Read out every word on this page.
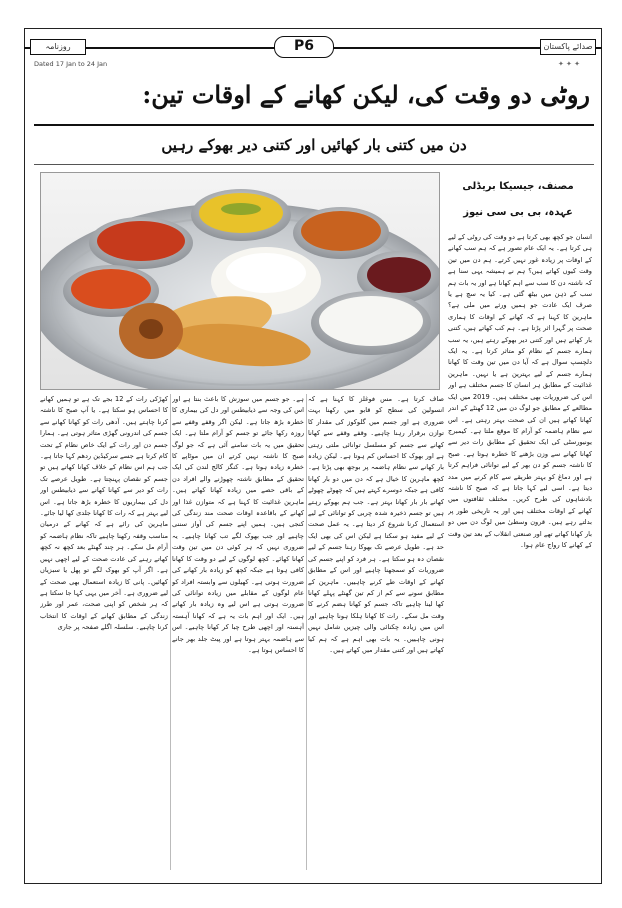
روزنامہ	P6	صدائے پاکستان
Dated 17 Jan to 24 Jan	✦ ✦ ✦
روٹی دو وقت کی، لیکن کھانے کے اوقات تین:
دن میں کتنی بار کھائیں اور کتنی دیر بھوکے رہیں
مصنف، جیسیکا بریڈلی
عہدہ، بی بی سی نیوز
انسان جو کچھ بھی کرتا ہے دو وقت کی روٹی کے لیے ہی کرتا ہے۔ یہ ایک عام تصور ہے کہ ہم سب کھانے کے اوقات پر زیادہ غور نہیں کرتے۔ ہم دن میں تین وقت کیوں کھاتے ہیں؟ ہم نے ہمیشہ یہی سنا ہے کہ ناشتہ دن کا سب سے اہم کھانا ہے اور یہ بات ہم سب کے ذہن میں بیٹھ گئی ہے۔ کیا یہ سچ ہے یا صرف ایک عادت جو ہمیں ورثے میں ملی ہے؟ ماہرین کا کہنا ہے کہ کھانے کے اوقات کا ہماری صحت پر گہرا اثر پڑتا ہے۔ ہم کب کھاتے ہیں، کتنی بار کھاتے ہیں اور کتنی دیر بھوکے رہتے ہیں، یہ سب ہمارے جسم کے نظام کو متاثر کرتا ہے۔ یہ ایک دلچسپ سوال ہے کہ آیا دن میں تین وقت کا کھانا ہمارے جسم کے لیے بہترین ہے یا نہیں۔ ماہرین غذائیت کے مطابق ہر انسان کا جسم مختلف ہے اور اس کی ضروریات بھی مختلف ہیں۔ 2019 میں ایک مطالعے کے مطابق جو لوگ دن میں 12 گھنٹے کے اندر کھانا کھاتے ہیں ان کی صحت بہتر رہتی ہے۔ اس سے نظام ہاضمہ کو آرام کا موقع ملتا ہے۔ کیمبرج یونیورسٹی کی ایک تحقیق کے مطابق رات دیر سے کھانا کھانے سے وزن بڑھنے کا خطرہ ہوتا ہے۔ صبح کا ناشتہ جسم کو دن بھر کے لیے توانائی فراہم کرتا ہے اور دماغ کو بہتر طریقے سے کام کرنے میں مدد دیتا ہے۔ اسی لیے کہا جاتا ہے کہ صبح کا ناشتہ بادشاہوں کی طرح کریں۔ مختلف ثقافتوں میں کھانے کے اوقات مختلف ہیں اور یہ تاریخی طور پر بدلتے رہے ہیں۔ قرون وسطیٰ میں لوگ دن میں دو بار کھانا کھاتے تھے اور صنعتی انقلاب کے بعد تین وقت کے کھانے کا رواج عام ہوا۔
صاف کرتا ہے۔ مس فوغلز کا کہنا ہے کہ انسولین کی سطح کو قابو میں رکھنا بہت ضروری ہے اور جسم میں گلوکوز کی مقدار کا توازن برقرار رہنا چاہیے۔ وقفے وقفے سے کھانا کھانے سے جسم کو مسلسل توانائی ملتی رہتی ہے اور بھوک کا احساس کم ہوتا ہے۔ لیکن زیادہ بار کھانے سے نظام ہاضمہ پر بوجھ بھی پڑتا ہے۔ کچھ ماہرین کا خیال ہے کہ دن میں دو بار کھانا کافی ہے جبکہ دوسرے کہتے ہیں کہ چھوٹے چھوٹے کھانے بار بار کھانا بہتر ہے۔ جب ہم بھوکے رہتے ہیں تو جسم ذخیرہ شدہ چربی کو توانائی کے لیے استعمال کرنا شروع کر دیتا ہے۔ یہ عمل صحت کے لیے مفید ہو سکتا ہے لیکن اس کی بھی ایک حد ہے۔ طویل عرصے تک بھوکا رہنا جسم کے لیے نقصان دہ ہو سکتا ہے۔ ہر فرد کو اپنے جسم کی ضروریات کو سمجھنا چاہیے اور اس کے مطابق کھانے کے اوقات طے کرنے چاہییں۔ ماہرین کے مطابق سونے سے کم از کم تین گھنٹے پہلے کھانا کھا لینا چاہیے تاکہ جسم کو کھانا ہضم کرنے کا وقت مل سکے۔ رات کا کھانا ہلکا ہونا چاہیے اور اس میں زیادہ چکنائی والی چیزیں شامل نہیں ہونی چاہییں۔ یہ بات بھی اہم ہے کہ ہم کیا کھاتے ہیں اور کتنی مقدار میں کھاتے ہیں۔
ہے۔ جو جسم میں سوزش کا باعث بنتا ہے اور اس کی وجہ سے ذیابیطس اور دل کی بیماری کا خطرہ بڑھ جاتا ہے۔ لیکن اگر وقفے وقفے سے روزہ رکھا جائے تو جسم کو آرام ملتا ہے۔ ایک تحقیق میں یہ بات سامنے آئی ہے کہ جو لوگ صبح کا ناشتہ نہیں کرتے ان میں موٹاپے کا خطرہ زیادہ ہوتا ہے۔ کنگز کالج لندن کی ایک تحقیق کے مطابق ناشتہ چھوڑنے والے افراد دن کے باقی حصے میں زیادہ کھانا کھاتے ہیں۔ ماہرین غذائیت کا کہنا ہے کہ متوازن غذا اور کھانے کے باقاعدہ اوقات صحت مند زندگی کی کنجی ہیں۔ ہمیں اپنے جسم کی آواز سننی چاہیے اور جب بھوک لگے تب کھانا چاہیے۔ یہ ضروری نہیں کہ ہر کوئی دن میں تین وقت کھانا کھائے۔ کچھ لوگوں کے لیے دو وقت کا کھانا کافی ہوتا ہے جبکہ کچھ کو زیادہ بار کھانے کی ضرورت ہوتی ہے۔ کھیلوں سے وابستہ افراد کو عام لوگوں کے مقابلے میں زیادہ توانائی کی ضرورت ہوتی ہے اس لیے وہ زیادہ بار کھاتے ہیں۔ ایک اور اہم بات یہ ہے کہ کھانا آہستہ آہستہ اور اچھی طرح چبا کر کھانا چاہیے۔ اس سے ہاضمہ بہتر ہوتا ہے اور پیٹ جلد بھر جانے کا احساس ہوتا ہے۔
کھڑکی رات کے 12 بجے تک ہے تو ہمیں کھانے کا احساس ہو سکتا ہے۔ یا آپ صبح کا ناشتہ کرنا چاہتے ہیں۔ آدھی رات کو کھانا کھانے سے جسم کی اندرونی گھڑی متاثر ہوتی ہے۔ ہمارا جسم دن اور رات کے ایک خاص نظام کے تحت کام کرتا ہے جسے سرکیڈین ردھم کہا جاتا ہے۔ جب ہم اس نظام کے خلاف کھانا کھاتے ہیں تو جسم کو نقصان پہنچتا ہے۔ طویل عرصے تک رات کو دیر سے کھانا کھانے سے ذیابیطس اور دل کی بیماریوں کا خطرہ بڑھ جاتا ہے۔ اس لیے بہتر ہے کہ رات کا کھانا جلدی کھا لیا جائے۔ ماہرین کی رائے ہے کہ کھانے کے درمیان مناسب وقفہ رکھنا چاہیے تاکہ نظام ہاضمہ کو آرام مل سکے۔ ہر چند گھنٹے بعد کچھ نہ کچھ کھاتے رہنے کی عادت صحت کے لیے اچھی نہیں ہے۔ اگر آپ کو بھوک لگے تو پھل یا سبزیاں کھائیں۔ پانی کا زیادہ استعمال بھی صحت کے لیے ضروری ہے۔ آخر میں یہی کہا جا سکتا ہے کہ ہر شخص کو اپنی صحت، عمر اور طرز زندگی کے مطابق کھانے کے اوقات کا انتخاب کرنا چاہیے۔ سلسلہ اگلے صفحہ پر جاری
